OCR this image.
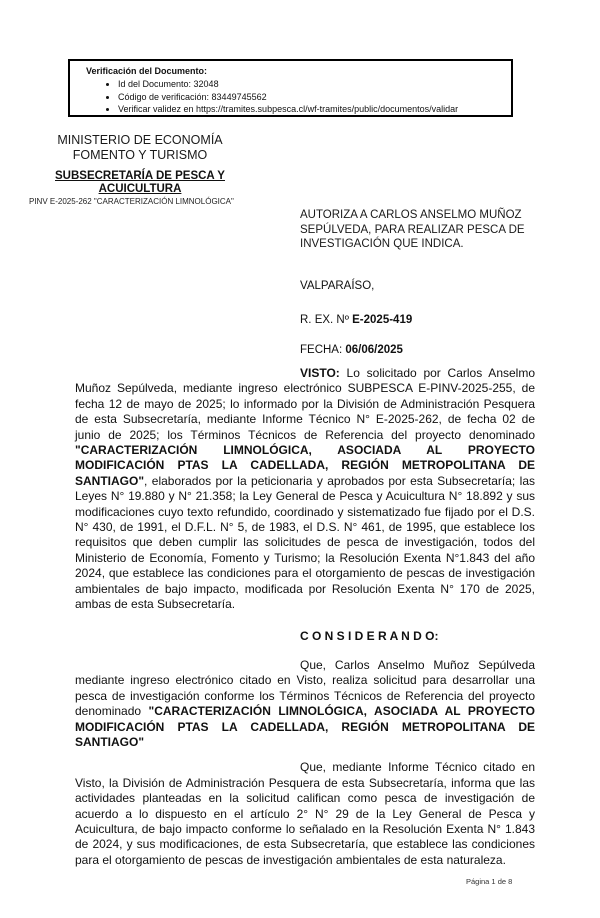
Verificación del Documento:
• Id del Documento: 32048
• Código de verificación: 83449745562
• Verificar validez en https://tramites.subpesca.cl/wf-tramites/public/documentos/validar
MINISTERIO DE ECONOMÍA
FOMENTO Y TURISMO
SUBSECRETARÍA DE PESCA Y ACUICULTURA
PINV E-2025-262 "CARACTERIZACIÓN LIMNOLÓGICA"
AUTORIZA A CARLOS ANSELMO MUÑOZ
SEPÚLVEDA, PARA REALIZAR PESCA DE
INVESTIGACIÓN QUE INDICA.
VALPARAÍSO,
R. EX. Nº E-2025-419
FECHA: 06/06/2025

VISTO: Lo solicitado por Carlos Anselmo Muñoz Sepúlveda, mediante ingreso electrónico SUBPESCA E-PINV-2025-255, de fecha 12 de mayo de 2025; lo informado por la División de Administración Pesquera de esta Subsecretaría, mediante Informe Técnico N° E-2025-262, de fecha 02 de junio de 2025; los Términos Técnicos de Referencia del proyecto denominado "CARACTERIZACIÓN LIMNOLÓGICA, ASOCIADA AL PROYECTO MODIFICACIÓN PTAS LA CADELLADA, REGIÓN METROPOLITANA DE SANTIAGO", elaborados por la peticionaria y aprobados por esta Subsecretaría; las Leyes N° 19.880 y N° 21.358; la Ley General de Pesca y Acuicultura N° 18.892 y sus modificaciones cuyo texto refundido, coordinado y sistematizado fue fijado por el D.S. N° 430, de 1991, el D.F.L. N° 5, de 1983, el D.S. N° 461, de 1995, que establece los requisitos que deben cumplir las solicitudes de pesca de investigación, todos del Ministerio de Economía, Fomento y Turismo; la Resolución Exenta N°1.843 del año 2024, que establece las condiciones para el otorgamiento de pescas de investigación ambientales de bajo impacto, modificada por Resolución Exenta N° 170 de 2025, ambas de esta Subsecretaría.

C O N S I D E R A N D O:

Que, Carlos Anselmo Muñoz Sepúlveda mediante ingreso electrónico citado en Visto, realiza solicitud para desarrollar una pesca de investigación conforme los Términos Técnicos de Referencia del proyecto denominado "CARACTERIZACIÓN LIMNOLÓGICA, ASOCIADA AL PROYECTO MODIFICACIÓN PTAS LA CADELLADA, REGIÓN METROPOLITANA DE SANTIAGO"

Que, mediante Informe Técnico citado en Visto, la División de Administración Pesquera de esta Subsecretaría, informa que las actividades planteadas en la solicitud califican como pesca de investigación de acuerdo a lo dispuesto en el artículo 2° N° 29 de la Ley General de Pesca y Acuicultura, de bajo impacto conforme lo señalado en la Resolución Exenta N° 1.843 de 2024, y sus modificaciones, de esta Subsecretaría, que establece las condiciones para el otorgamiento de pescas de investigación ambientales de esta naturaleza.

Página 1 de 8
